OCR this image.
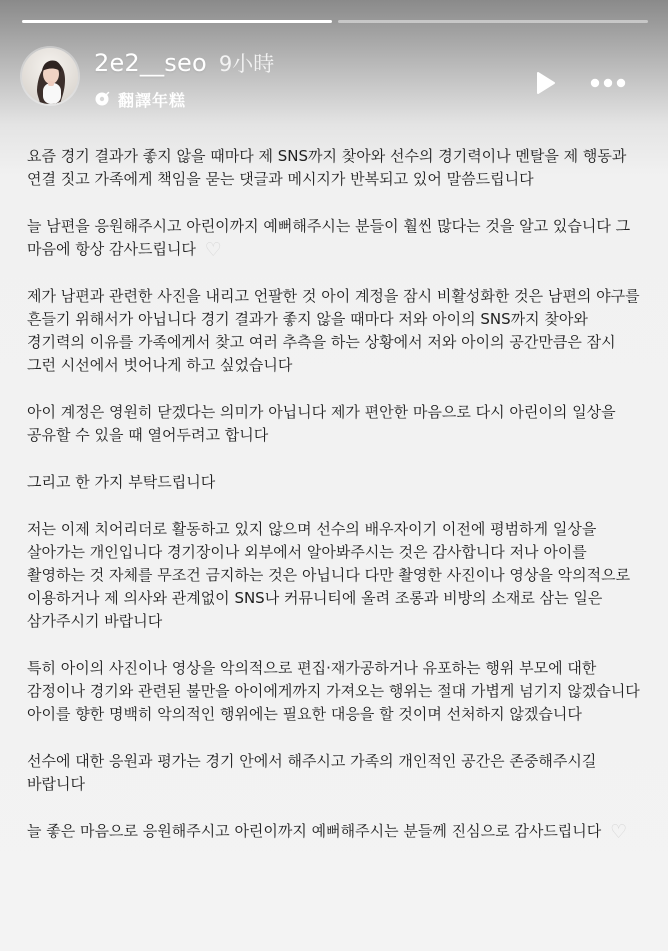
2e2__seo 9小時
翻譯年糕

요즘 경기 결과가 좋지 않을 때마다 제 SNS까지 찾아와 선수의 경기력이나 멘탈을 제 행동과 연결 짓고 가족에게 책임을 묻는 댓글과 메시지가 반복되고 있어 말씀드립니다

늘 남편을 응원해주시고 아린이까지 예뻐해주시는 분들이 훨씬 많다는 것을 알고 있습니다 그 마음에 항상 감사드립니다 ♡

제가 남편과 관련한 사진을 내리고 언팔한 것 아이 계정을 잠시 비활성화한 것은 남편의 야구를 흔들기 위해서가 아닙니다 경기 결과가 좋지 않을 때마다 저와 아이의 SNS까지 찾아와 경기력의 이유를 가족에게서 찾고 여러 추측을 하는 상황에서 저와 아이의 공간만큼은 잠시 그런 시선에서 벗어나게 하고 싶었습니다

아이 계정은 영원히 닫겠다는 의미가 아닙니다 제가 편안한 마음으로 다시 아린이의 일상을 공유할 수 있을 때 열어두려고 합니다

그리고 한 가지 부탁드립니다

저는 이제 치어리더로 활동하고 있지 않으며 선수의 배우자이기 이전에 평범하게 일상을 살아가는 개인입니다 경기장이나 외부에서 알아봐주시는 것은 감사합니다 저나 아이를 촬영하는 것 자체를 무조건 금지하는 것은 아닙니다 다만 촬영한 사진이나 영상을 악의적으로 이용하거나 제 의사와 관계없이 SNS나 커뮤니티에 올려 조롱과 비방의 소재로 삼는 일은 삼가주시기 바랍니다

특히 아이의 사진이나 영상을 악의적으로 편집·재가공하거나 유포하는 행위 부모에 대한 감정이나 경기와 관련된 불만을 아이에게까지 가져오는 행위는 절대 가볍게 넘기지 않겠습니다 아이를 향한 명백히 악의적인 행위에는 필요한 대응을 할 것이며 선처하지 않겠습니다

선수에 대한 응원과 평가는 경기 안에서 해주시고 가족의 개인적인 공간은 존중해주시길 바랍니다

늘 좋은 마음으로 응원해주시고 아린이까지 예뻐해주시는 분들께 진심으로 감사드립니다 ♡
